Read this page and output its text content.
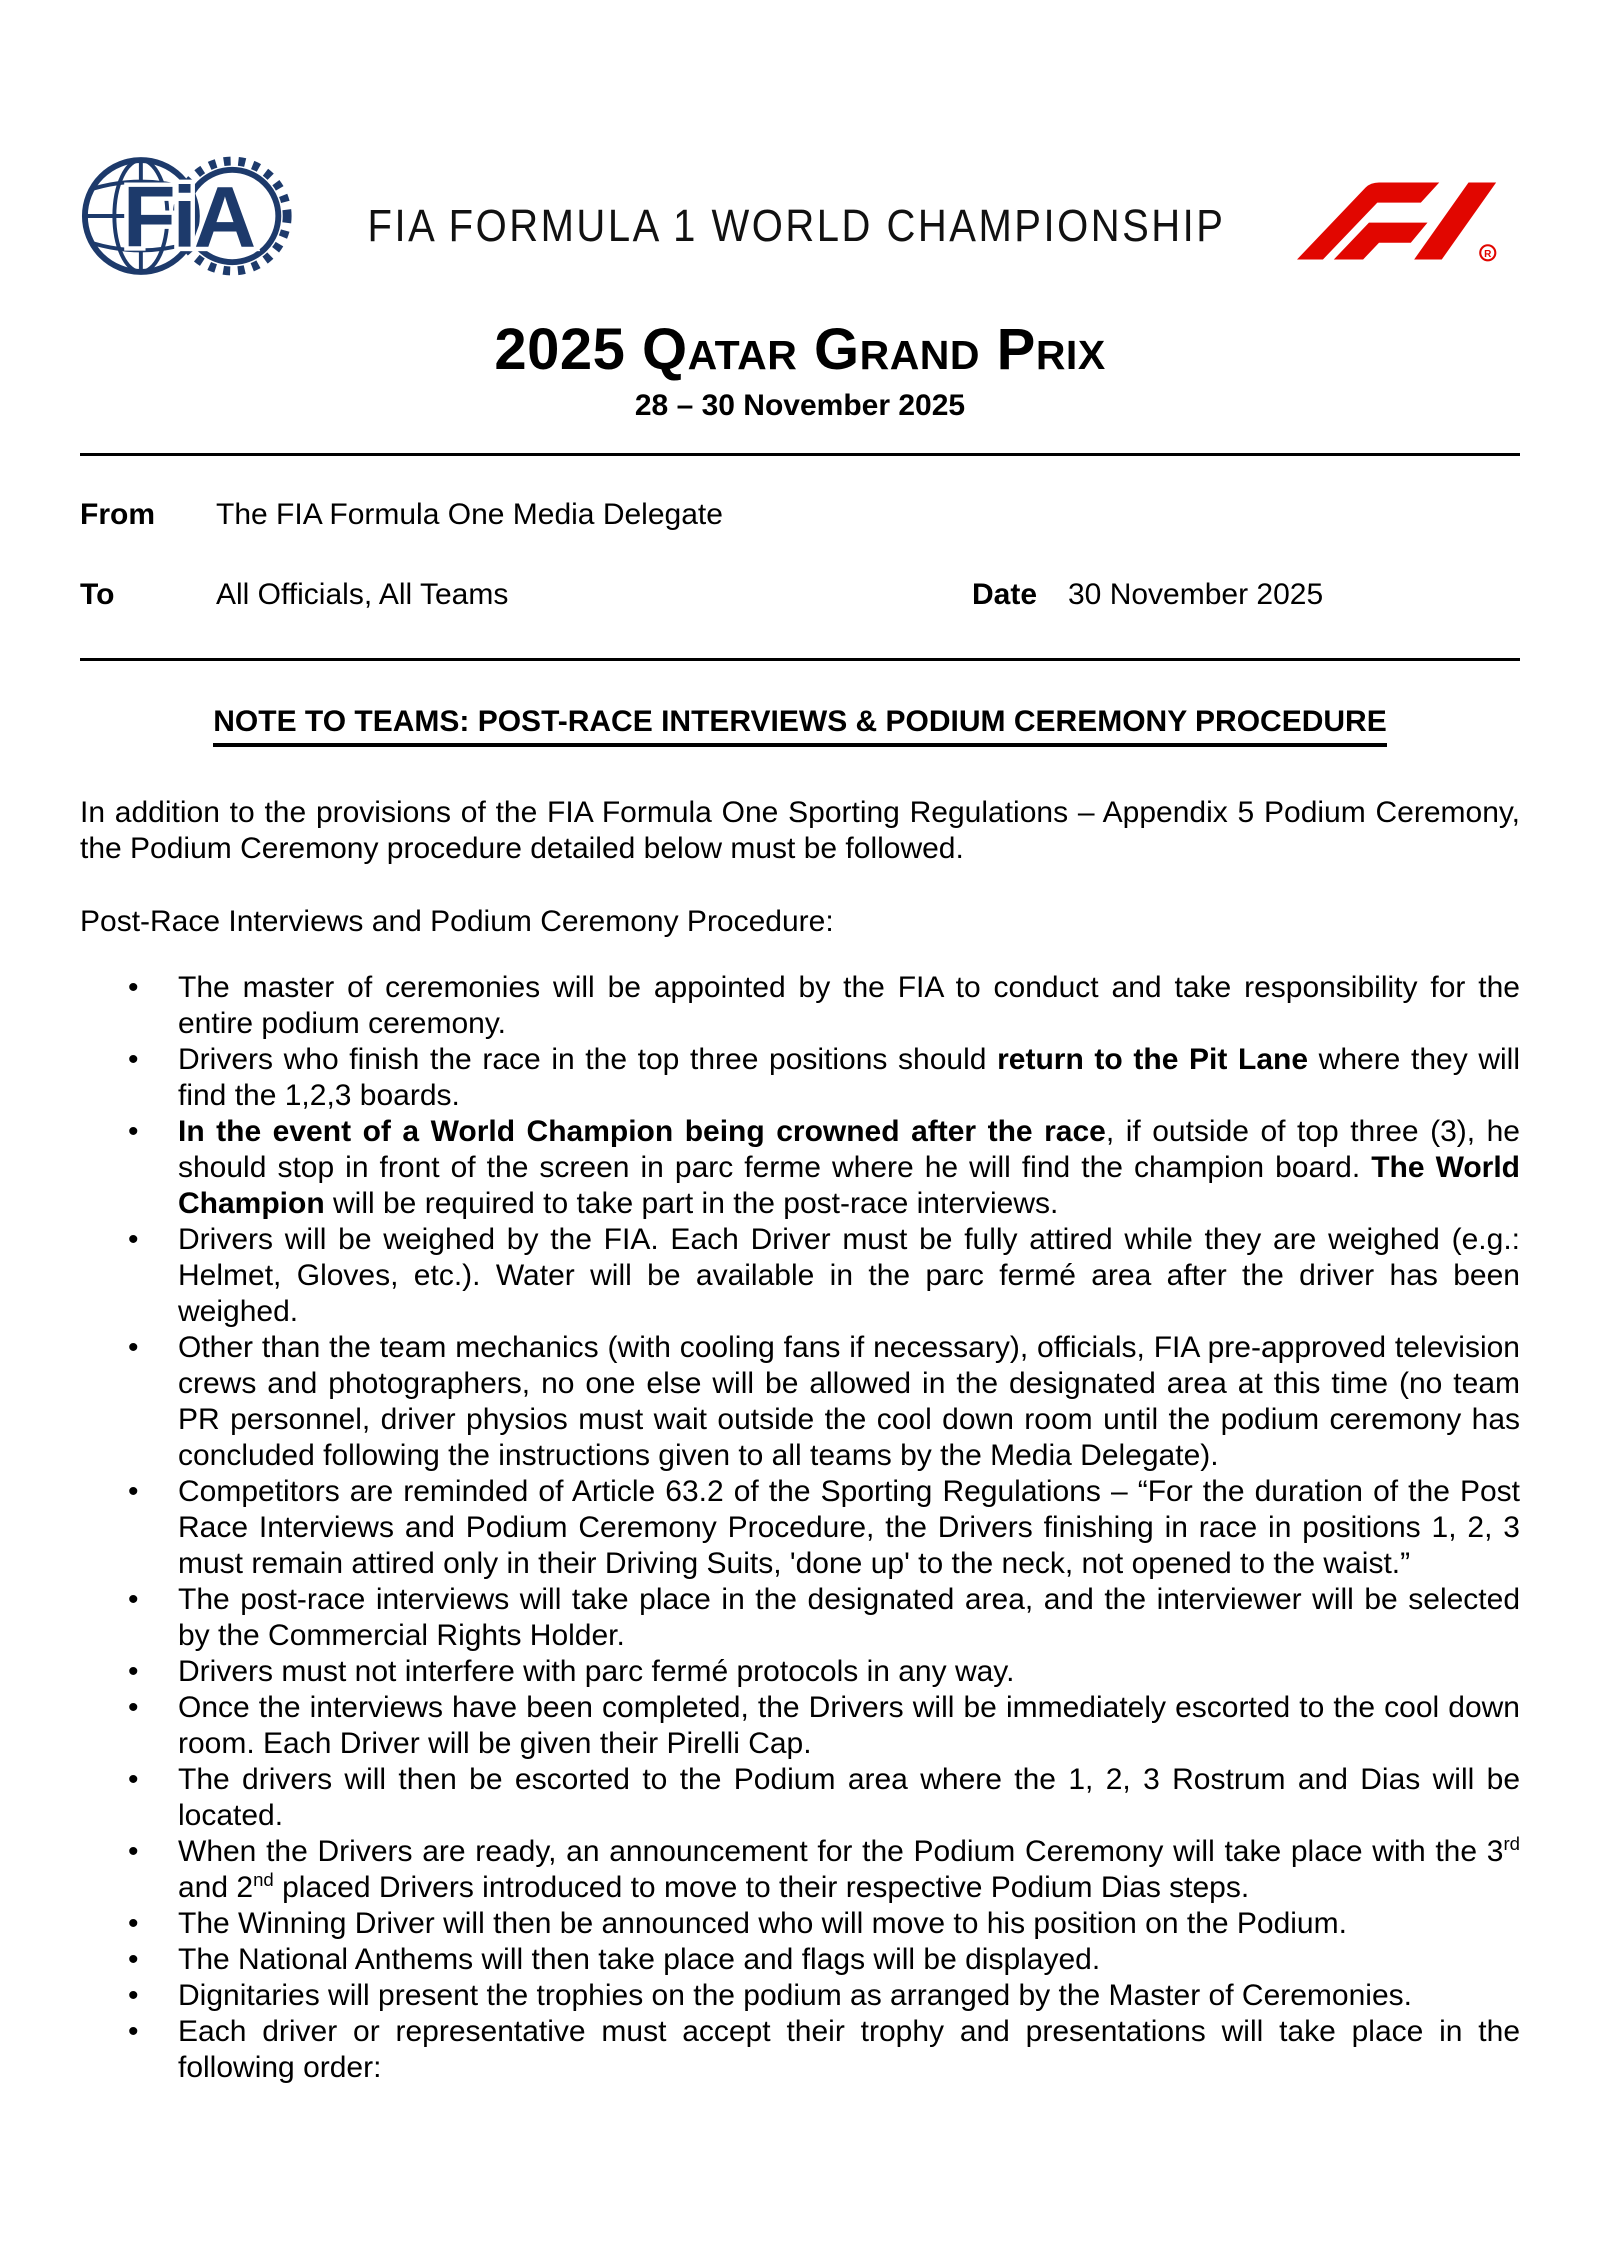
FiA	FIA FORMULA 1 WORLD CHAMPIONSHIP
R
2025 Qatar Grand Prix
28 – 30 November 2025
From	The FIA Formula One Media Delegate
To	All Officials, All Teams	Date	30 November 2025
NOTE TO TEAMS: POST-RACE INTERVIEWS & PODIUM CEREMONY PROCEDURE

In addition to the provisions of the FIA Formula One Sporting Regulations – Appendix 5 Podium Ceremony, the Podium Ceremony procedure detailed below must be followed.

Post-Race Interviews and Podium Ceremony Procedure:

• The master of ceremonies will be appointed by the FIA to conduct and take responsibility for the entire podium ceremony.
• Drivers who finish the race in the top three positions should return to the Pit Lane where they will find the 1,2,3 boards.
• In the event of a World Champion being crowned after the race, if outside of top three (3), he should stop in front of the screen in parc ferme where he will find the champion board. The World Champion will be required to take part in the post-race interviews.
• Drivers will be weighed by the FIA. Each Driver must be fully attired while they are weighed (e.g.: Helmet, Gloves, etc.). Water will be available in the parc fermé area after the driver has been weighed.
• Other than the team mechanics (with cooling fans if necessary), officials, FIA pre-approved television crews and photographers, no one else will be allowed in the designated area at this time (no team PR personnel, driver physios must wait outside the cool down room until the podium ceremony has concluded following the instructions given to all teams by the Media Delegate).
• Competitors are reminded of Article 63.2 of the Sporting Regulations – “For the duration of the Post Race Interviews and Podium Ceremony Procedure, the Drivers finishing in race in positions 1, 2, 3 must remain attired only in their Driving Suits, 'done up' to the neck, not opened to the waist.”
• The post-race interviews will take place in the designated area, and the interviewer will be selected by the Commercial Rights Holder.
• Drivers must not interfere with parc fermé protocols in any way.
• Once the interviews have been completed, the Drivers will be immediately escorted to the cool down room. Each Driver will be given their Pirelli Cap.
• The drivers will then be escorted to the Podium area where the 1, 2, 3 Rostrum and Dias will be located.
• When the Drivers are ready, an announcement for the Podium Ceremony will take place with the 3rd and 2nd placed Drivers introduced to move to their respective Podium Dias steps.
• The Winning Driver will then be announced who will move to his position on the Podium.
• The National Anthems will then take place and flags will be displayed.
• Dignitaries will present the trophies on the podium as arranged by the Master of Ceremonies.
• Each driver or representative must accept their trophy and presentations will take place in the following order:
